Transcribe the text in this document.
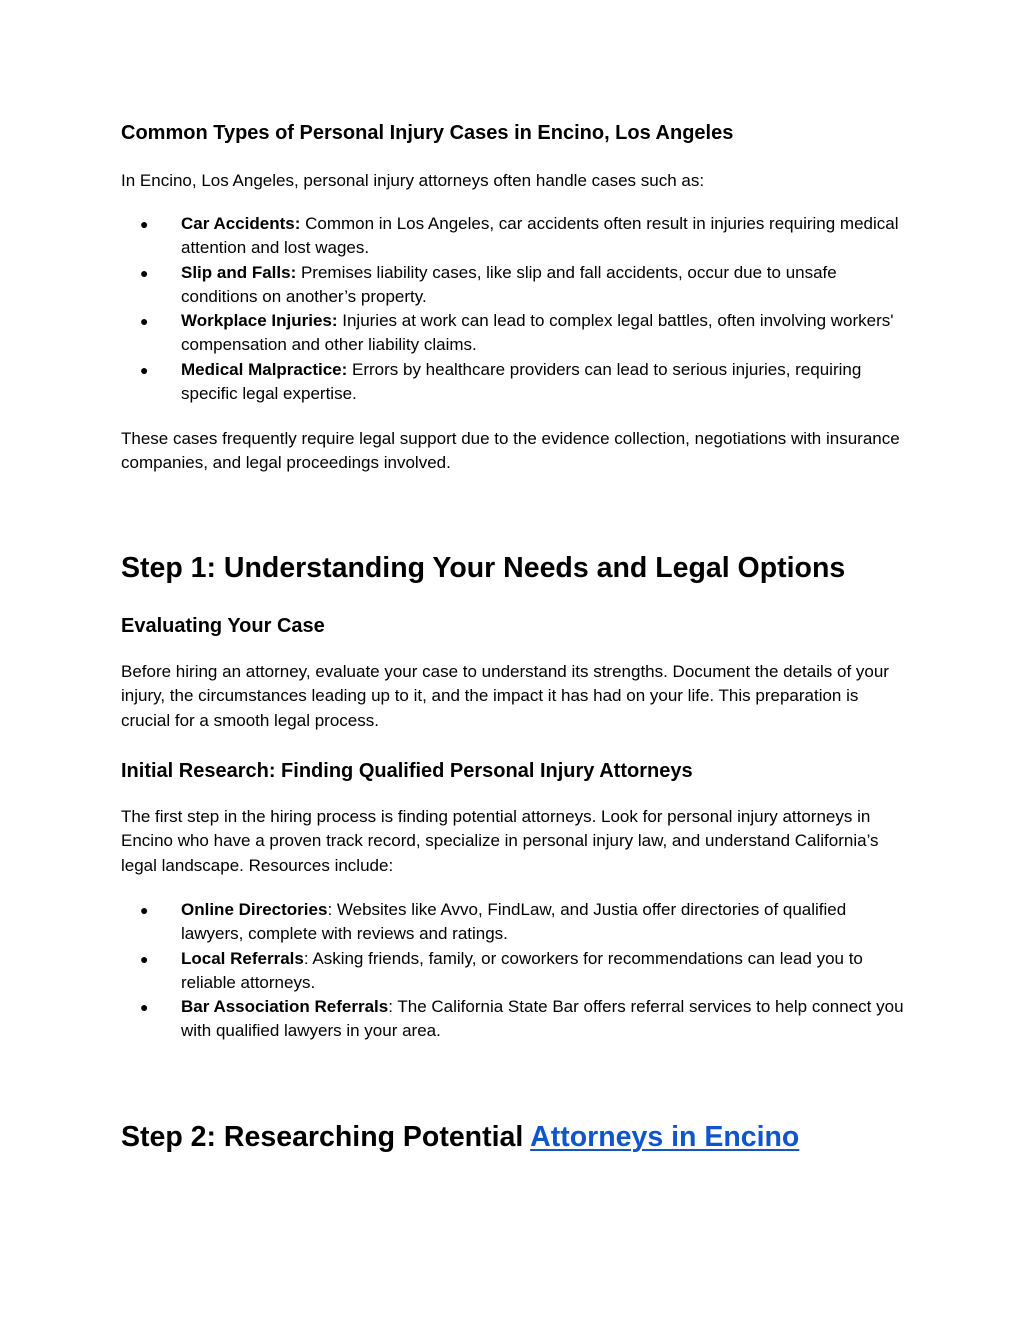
Common Types of Personal Injury Cases in Encino, Los Angeles

In Encino, Los Angeles, personal injury attorneys often handle cases such as:

● Car Accidents: Common in Los Angeles, car accidents often result in injuries requiring medical attention and lost wages.
● Slip and Falls: Premises liability cases, like slip and fall accidents, occur due to unsafe conditions on another’s property.
● Workplace Injuries: Injuries at work can lead to complex legal battles, often involving workers' compensation and other liability claims.
● Medical Malpractice: Errors by healthcare providers can lead to serious injuries, requiring specific legal expertise.

These cases frequently require legal support due to the evidence collection, negotiations with insurance companies, and legal proceedings involved.

Step 1: Understanding Your Needs and Legal Options
Evaluating Your Case

Before hiring an attorney, evaluate your case to understand its strengths. Document the details of your injury, the circumstances leading up to it, and the impact it has had on your life. This preparation is crucial for a smooth legal process.

Initial Research: Finding Qualified Personal Injury Attorneys

The first step in the hiring process is finding potential attorneys. Look for personal injury attorneys in Encino who have a proven track record, specialize in personal injury law, and understand California’s legal landscape. Resources include:

● Online Directories: Websites like Avvo, FindLaw, and Justia offer directories of qualified lawyers, complete with reviews and ratings.
● Local Referrals: Asking friends, family, or coworkers for recommendations can lead you to reliable attorneys.
● Bar Association Referrals: The California State Bar offers referral services to help connect you with qualified lawyers in your area.
Step 2: Researching Potential Attorneys in Encino
